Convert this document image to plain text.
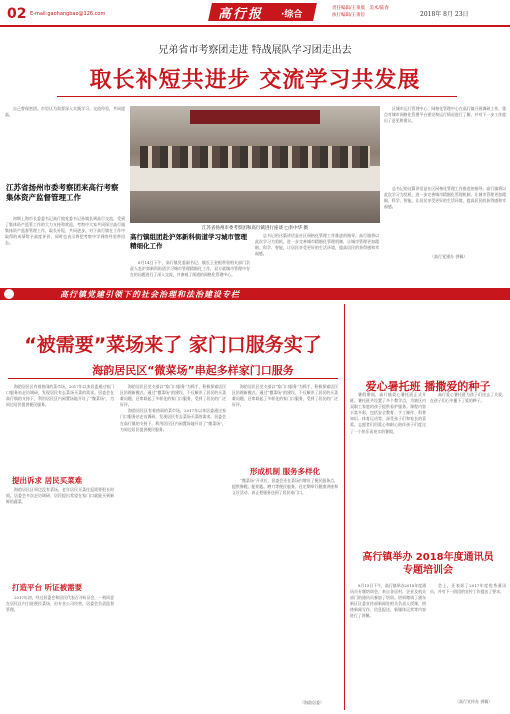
02 E-mail:gaohangbao@126.com	高行报 ·综合
责任编辑/王垂康   美术/陆春
执行编辑/王垂俭	2018年 8月 23日
兄弟省市考察团走进 特战展队学习团走出去
取长补短共进步 交流学习共发展

自己曾保密团。市里认为需要深入实践学习、交流经验，共同提高。

江苏省扬州市委考察团来高行考察集体资产监督管理工作

初期上海市长委委书记高行镇党委书记孙镇长到高行交流，受到了集体资产监管工作的大力支持和欢迎。考察中大家共同探讨高行镇集体资产监督管理工作，取长补短，共同进步。对于高行镇在工作中取得的成绩给予高度评价，同时也表示将把考察中学到的经验带回去。

江苏省扬州市委考察团和高行镇进行座谈 □李中华 摄

区城市运行管理中心、网格化管理中心在高行镇开展调研工作，重点对城市网格化管理平台建设和运行情况进行了解，并对下一步工作提出了意见和建议。

（高行党建办 供稿）

总书记的这篇讲话是社区网格化管理工作推进的指导。高行镇将以此次学习为契机，进一步完善城市精细化管理机制，让城市管理更加精细、科学、智能，让居民享受更好的生活环境，提高居民的获得感和幸福感。

高行镇组团赴沪郊新科街道学习城市管理精细化工作

8月14日下午，高行镇党委副书记、镇长王金根带领相关部门负责人赴沪郊新科街道学习城市管理精细化工作，双方就城市管理中存在的问题进行了深入交流，并参观了街道的网格化管理中心。

总书记的这篇讲话是社区网格化管理工作推进的指导。高行镇将以此次学习为契机，进一步完善城市精细化管理机制，让城市管理更加精细、科学、智能，让居民享受更好的生活环境，提高居民的获得感和幸福感。

高行镇党建引领下的社会治理和法治建设专栏
“被需要”菜场来了 家门口服务实了
海韵居民区“微菜场”串起多样家门口服务

海韵居民区有着热闹的菜市场，2017年以来居委通过家门口服务站走访调研，发现居民有去菜场买菜的需求。居委会在高行镇的支持下，利用居民区内闲置场地开设了“微菜场”，为周边居民提供便民服务。

提出诉求 居民买菜难

海韵居民区周边没有菜场，老年居民买菜往返需要很长时间。居委会多次走访调研，居民提出希望在家门口就能买到新鲜的蔬菜。

打造平台 听证被需要

2017年初，经过居委会和居民代表召开听证会，一致同意在居民区内引进便民菜场，由专业公司经营，居委会负责监督管理。

海韵居民区党支部以“家门口服务”为抓手，积极探索居民区治理新模式，通过“微菜场”的建设，不仅解决了居民的买菜难问题，还串联起了多样化的家门口服务，受到了居民的广泛好评。

海韵居民区有着热闹的菜市场，2017年以来居委通过家门口服务站走访调研，发现居民有去菜场买菜的需求。居委会在高行镇的支持下，利用居民区内闲置场地开设了“微菜场”，为周边居民提供便民服务。

海韵居民区党支部以“家门口服务”为抓手，积极探索居民区治理新模式，通过“微菜场”的建设，不仅解决了居民的买菜难问题，还串联起了多样化的家门口服务，受到了居民的广泛好评。

形成机制 服务多样化

“微菜场”开业后，居委会还在菜场内增设了便民服务点，提供修鞋、配钥匙、磨刀等便民服务，还定期举行健康讲座和义诊活动，真正把服务送到了居民家门口。

（海韵居委）
爱心暑托班 播撒爱的种子

暑假期间，高行镇爱心暑托班正式开班。暑托班共设置了多个教学点，为辖区内双职工家庭的孩子提供看护服务。课程内容丰富多彩，包括安全教育、手工制作、科普知识、体育运动等，深受孩子们和家长的喜爱。志愿者们用爱心和耐心陪伴孩子们度过了一个快乐而充实的暑假。

高行爱心暑托班为孩子们送去了关爱，在孩子们心中播下了爱的种子。

高行镇举办 2018年度通讯员专题培训会

8月15日下午，高行镇举办2018年度通讯员专题培训会。来自各居村、企业及机关部门的通讯员参加了培训。培训邀请了浦东新区区委宣传部新闻处相关负责人授课，围绕新闻写作、信息报送、新媒体运营等内容进行了讲解。

会上，还表彰了2017年度优秀通讯员，并对下一阶段的宣传工作提出了要求。

（高行宣传办 供稿）
